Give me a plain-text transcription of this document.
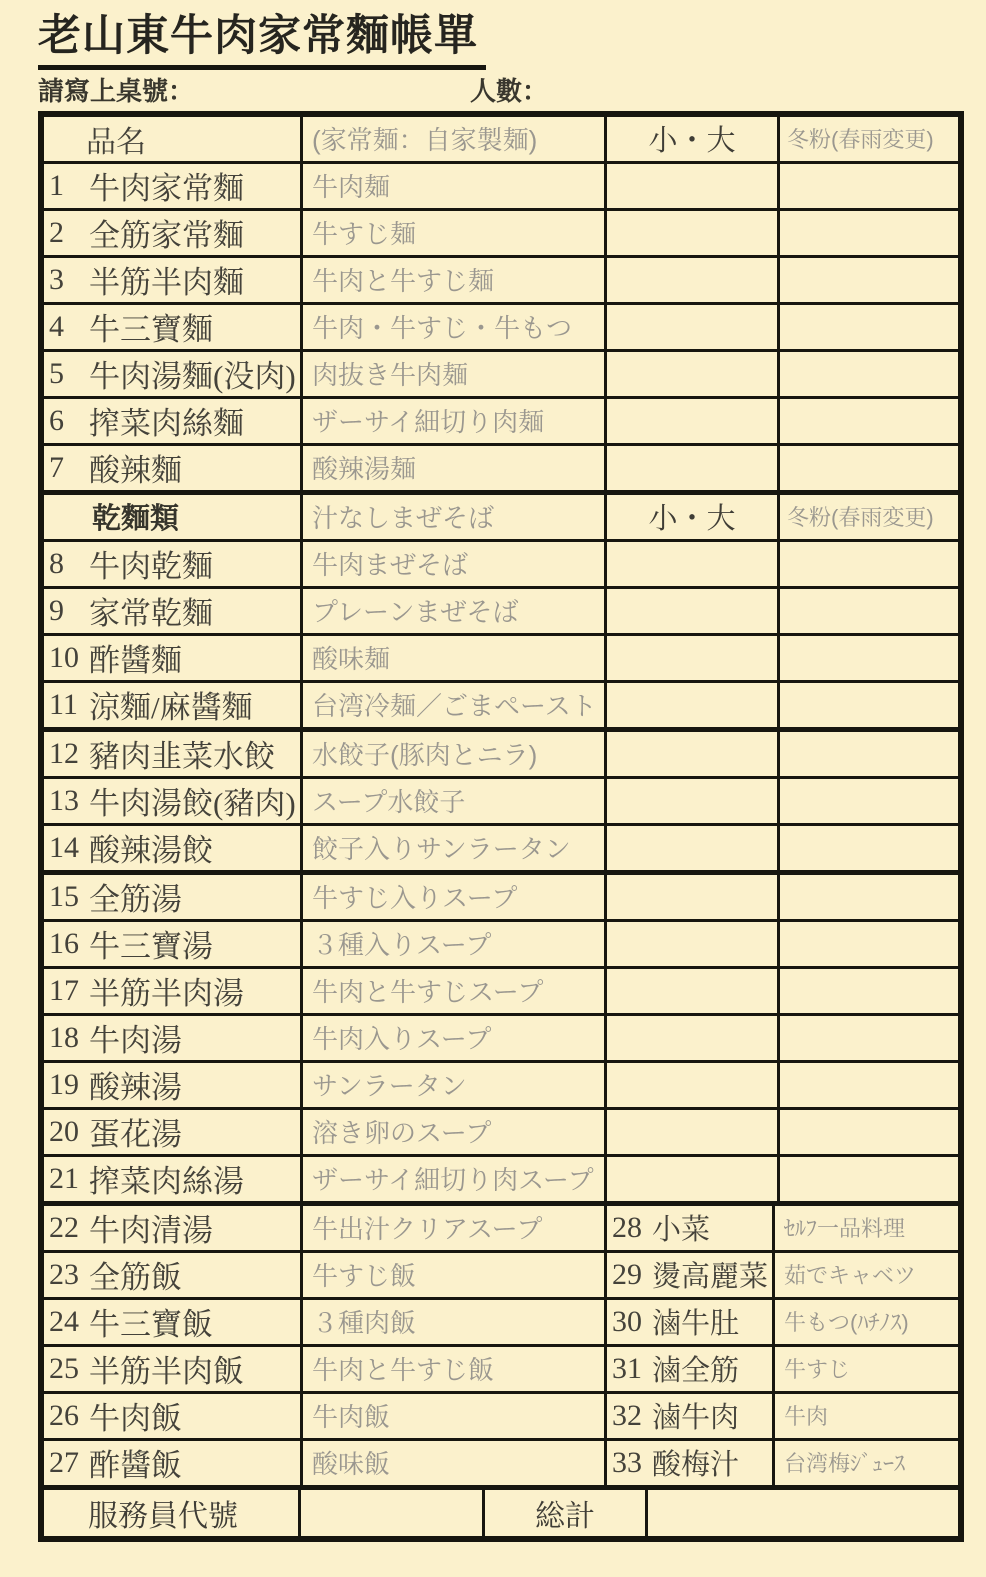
老山東牛肉家常麵帳單
請寫上桌號：	人數：
品名	(家常麺：自家製麺)	小・大 冬粉(春雨変更)
1 牛肉家常麵	牛肉麺
2 全筋家常麵	牛すじ麺
3 半筋半肉麵	牛肉と牛すじ麺
4 牛三寶麵	牛肉・牛すじ・牛もつ
5 牛肉湯麵(没肉) 肉抜き牛肉麺
6 搾菜肉絲麵	ザーサイ細切り肉麺
7 酸辣麵	酸辣湯麺
乾麵類	汁なしまぜそば	小・大 冬粉(春雨変更)
8 牛肉乾麵	牛肉まぜそば
9 家常乾麵	プレーンまぜそば
10 酢醬麵	酸味麺
11 涼麵/麻醬麵 台湾冷麺／ごまペースト
12 豬肉韭菜水餃 水餃子(豚肉とニラ)
13 牛肉湯餃(豬肉) スープ水餃子
14 酸辣湯餃	餃子入りサンラータン
15 全筋湯	牛すじ入りスープ
16 牛三寶湯	３種入りスープ
17 半筋半肉湯	牛肉と牛すじスープ
18 牛肉湯	牛肉入りスープ
19 酸辣湯	サンラータン
20 蛋花湯	溶き卵のスープ
21 搾菜肉絲湯	ザーサイ細切り肉スープ
22 牛肉清湯	牛出汁クリアスープ 28 小菜	ｾﾙﾌ一品料理
23 全筋飯	牛すじ飯	29 燙高麗菜 茹でキャベツ
24 牛三寶飯	３種肉飯	30 滷牛肚 牛もつ(ﾊﾁﾉｽ)
25 半筋半肉飯	牛肉と牛すじ飯	31 滷全筋 牛すじ
26 牛肉飯	牛肉飯	32 滷牛肉 牛肉
27 酢醬飯	酸味飯	33 酸梅汁 台湾梅ｼﾞｭｰｽ
服務員代號	総計
